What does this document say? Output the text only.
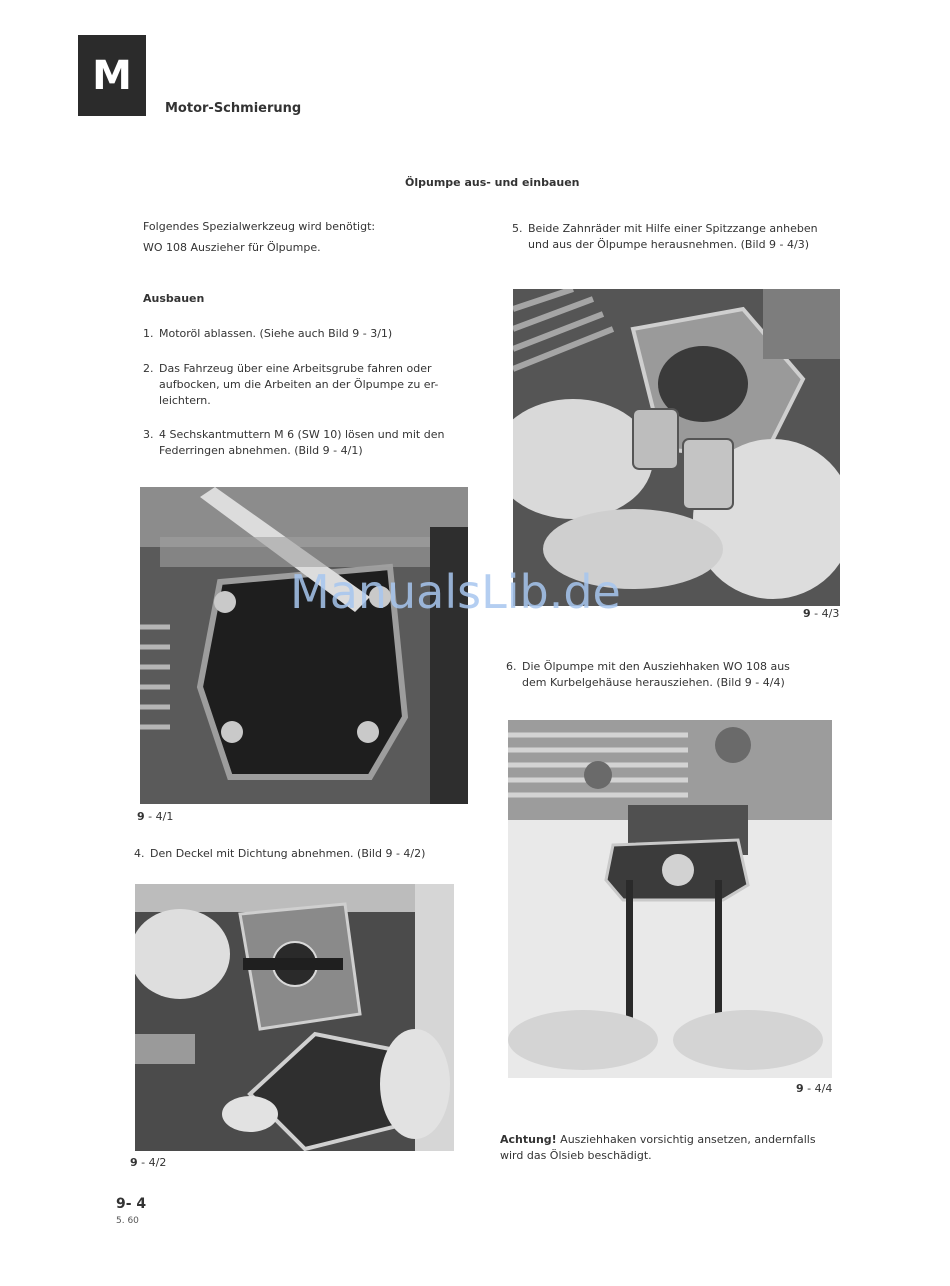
M
Motor-Schmierung
Ölpumpe aus- und einbauen
Folgendes Spezialwerkzeug wird benötigt:
WO 108 Auszieher für Ölpumpe.
Ausbauen
1. Motoröl ablassen. (Siehe auch Bild 9 - 3/1)
2. Das Fahrzeug über eine Arbeitsgrube fahren oder
aufbocken, um die Arbeiten an der Ölpumpe zu er-
leichtern.
3. 4 Sechskantmuttern M 6 (SW 10) lösen und mit den
Federringen abnehmen. (Bild 9 - 4/1)
9 - 4/1
4. Den Deckel mit Dichtung abnehmen. (Bild 9 - 4/2)
9 - 4/2
5. Beide Zahnräder mit Hilfe einer Spitzzange anheben
und aus der Ölpumpe herausnehmen. (Bild 9 - 4/3)
9 - 4/3
6. Die Ölpumpe mit den Ausziehhaken WO 108 aus
dem Kurbelgehäuse herausziehen. (Bild 9 - 4/4)
9 - 4/4
Achtung! Ausziehhaken vorsichtig ansetzen, andernfalls
wird das Ölsieb beschädigt.
9- 4
5. 60
ManualsLib.de
